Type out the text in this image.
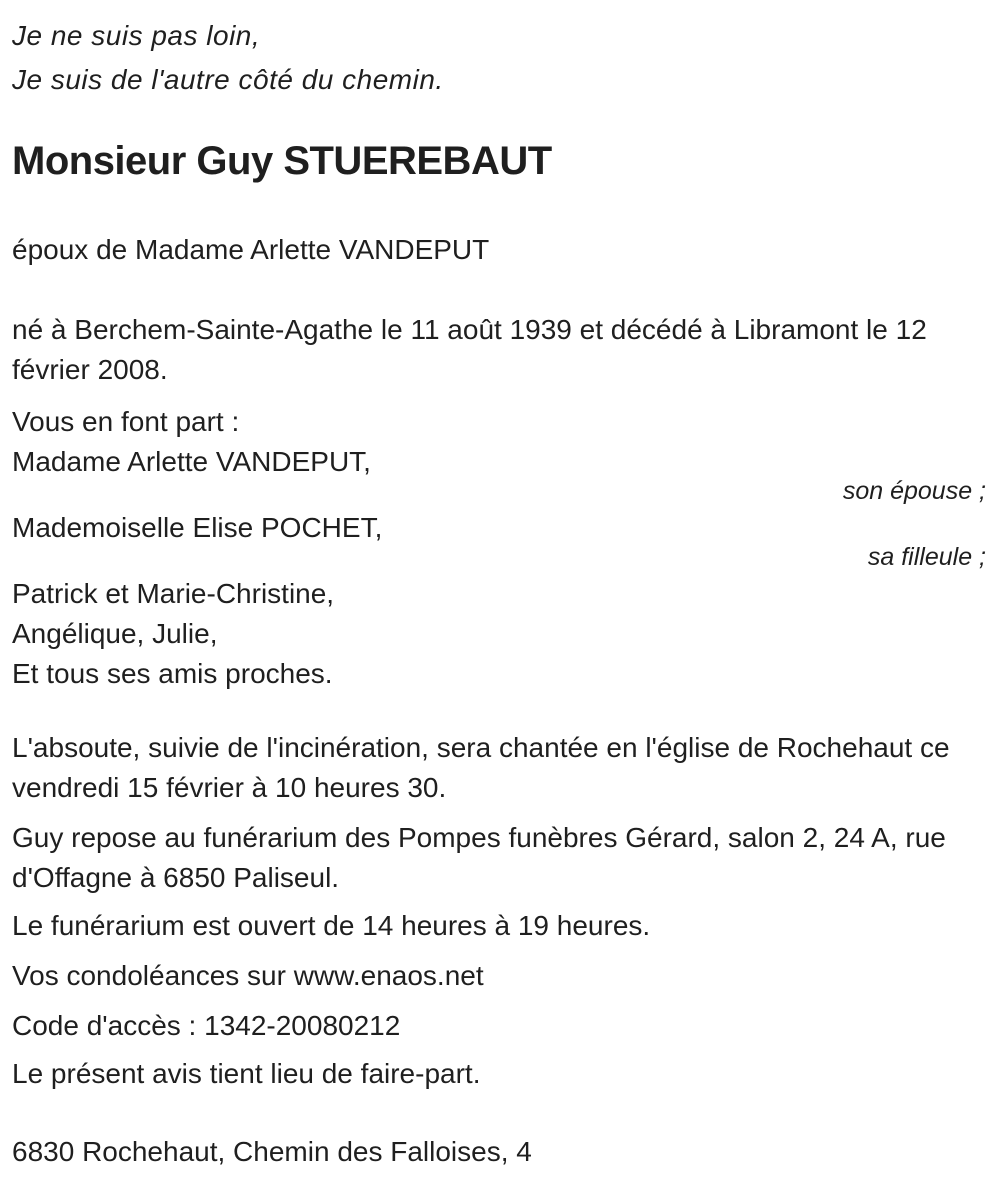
Je ne suis pas loin,
Je suis de l'autre côté du chemin.
Monsieur Guy STUEREBAUT
époux de Madame Arlette VANDEPUT
né à Berchem-Sainte-Agathe le 11 août 1939 et décédé à Libramont le 12 février 2008.
Vous en font part :
Madame Arlette VANDEPUT,
son épouse ;
Mademoiselle Elise POCHET,
sa filleule ;
Patrick et Marie-Christine,
Angélique, Julie,
Et tous ses amis proches.
L'absoute, suivie de l'incinération, sera chantée en l'église de Rochehaut ce vendredi 15 février à 10 heures 30.
Guy repose au funérarium des Pompes funèbres Gérard, salon 2, 24 A, rue d'Offagne à 6850 Paliseul.
Le funérarium est ouvert de 14 heures à 19 heures.
Vos condoléances sur www.enaos.net
Code d'accès : 1342-20080212
Le présent avis tient lieu de faire-part.
6830 Rochehaut, Chemin des Falloises, 4
